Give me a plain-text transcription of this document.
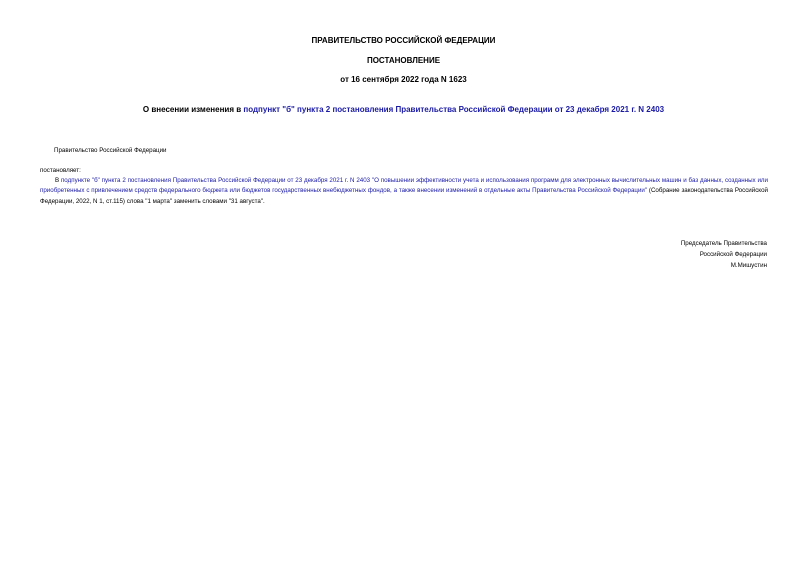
ПРАВИТЕЛЬСТВО РОССИЙСКОЙ ФЕДЕРАЦИИ
ПОСТАНОВЛЕНИЕ
от 16 сентября 2022 года N 1623
О внесении изменения в подпункт "б" пункта 2 постановления Правительства Российской Федерации от 23 декабря 2021 г. N 2403
Правительство Российской Федерации
постановляет:
В подпункте "б" пункта 2 постановления Правительства Российской Федерации от 23 декабря 2021 г. N 2403 "О повышении эффективности учета и использования программ для электронных вычислительных машин и баз данных, созданных или приобретенных с привлечением средств федерального бюджета или бюджетов государственных внебюджетных фондов, а также внесении изменений в отдельные акты Правительства Российской Федерации" (Собрание законодательства Российской Федерации, 2022, N 1, ст.115) слова "1 марта" заменить словами "31 августа".
Председатель Правительства
Российской Федерации
М.Мишустин
